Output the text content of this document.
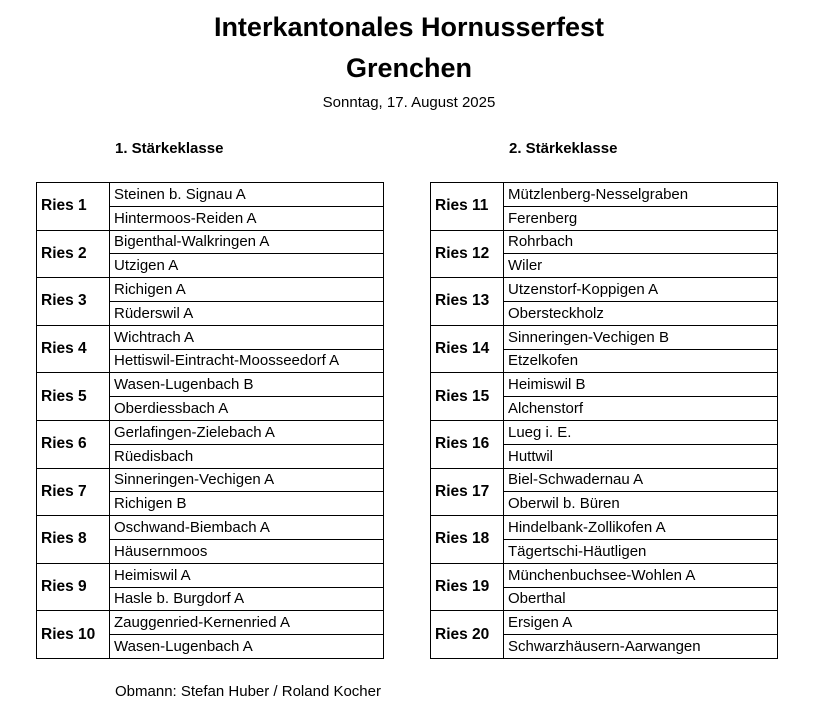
Interkantonales Hornusserfest
Grenchen
Sonntag, 17. August 2025
1. Stärkeklasse	2. Stärkeklasse
Ries 1	Steinen b. Signau A
	Hintermoos-Reiden A
Ries 2	Bigenthal-Walkringen A
	Utzigen A
Ries 3	Richigen A
	Rüderswil A
Ries 4	Wichtrach A
	Hettiswil-Eintracht-Moosseedorf A
Ries 5	Wasen-Lugenbach B
	Oberdiessbach A
Ries 6	Gerlafingen-Zielebach A
	Rüedisbach
Ries 7	Sinneringen-Vechigen A
	Richigen B
Ries 8	Oschwand-Biembach A
	Häusernmoos
Ries 9	Heimiswil A
	Hasle b. Burgdorf A
Ries 10	Zauggenried-Kernenried A
	Wasen-Lugenbach A
Ries 11	Mützlenberg-Nesselgraben
	Ferenberg
Ries 12	Rohrbach
	Wiler
Ries 13	Utzenstorf-Koppigen A
	Obersteckholz
Ries 14	Sinneringen-Vechigen B
	Etzelkofen
Ries 15	Heimiswil B
	Alchenstorf
Ries 16	Lueg i. E.
	Huttwil
Ries 17	Biel-Schwadernau A
	Oberwil b. Büren
Ries 18	Hindelbank-Zollikofen A
	Tägertschi-Häutligen
Ries 19	Münchenbuchsee-Wohlen A
	Oberthal
Ries 20	Ersigen A
	Schwarzhäusern-Aarwangen
Obmann: Stefan Huber / Roland Kocher
